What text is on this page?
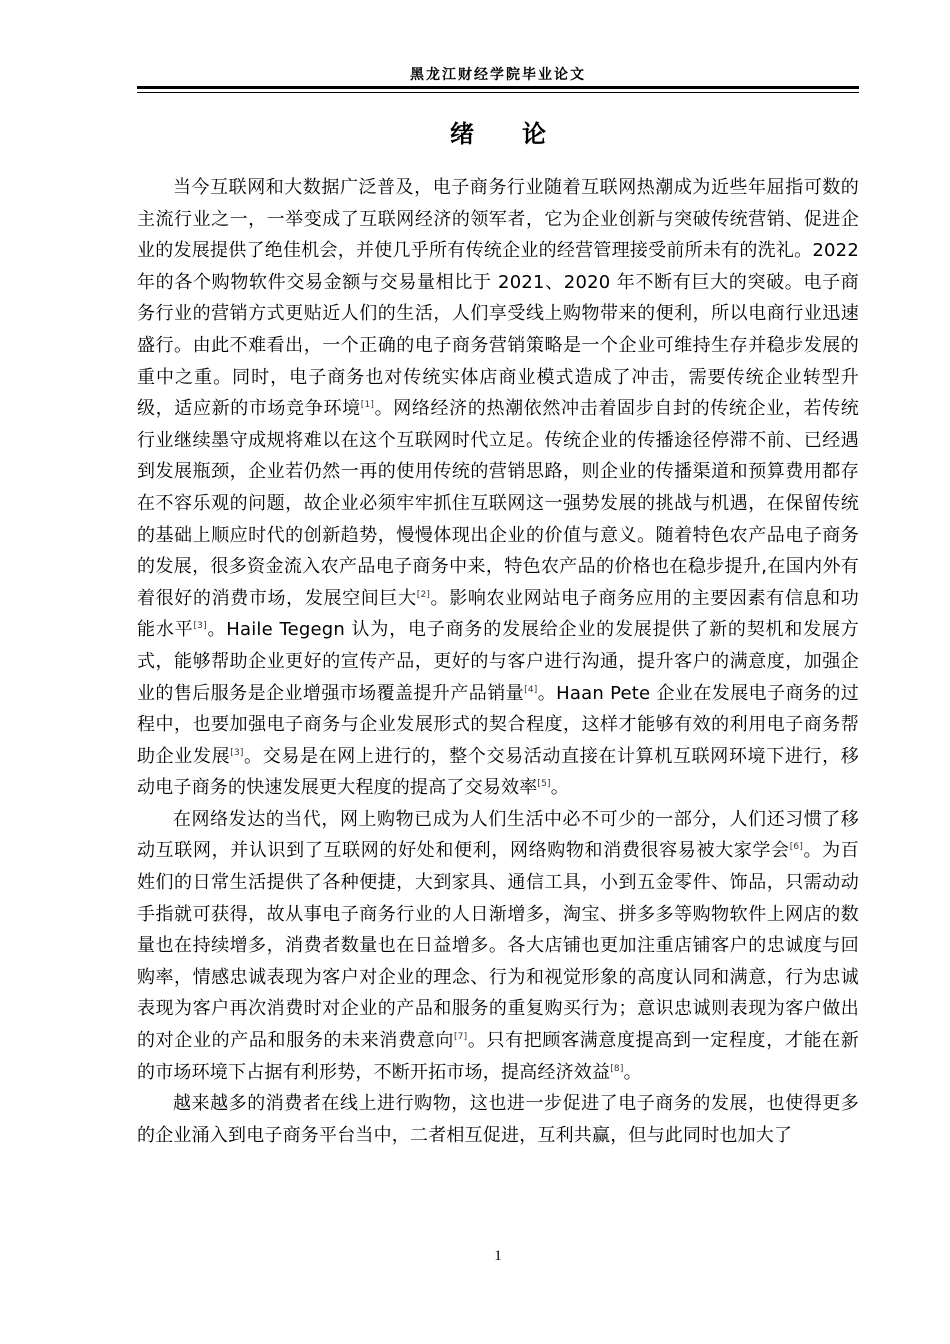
黑龙江财经学院毕业论文
绪 论

当今互联网和大数据广泛普及，电子商务行业随着互联网热潮成为近些年屈指可数的主流行业之一，一举变成了互联网经济的领军者，它为企业创新与突破传统营销、促进企业的发展提供了绝佳机会，并使几乎所有传统企业的经营管理接受前所未有的洗礼。2022 年的各个购物软件交易金额与交易量相比于 2021、2020 年不断有巨大的突破。电子商务行业的营销方式更贴近人们的生活，人们享受线上购物带来的便利，所以电商行业迅速盛行。由此不难看出，一个正确的电子商务营销策略是一个企业可维持生存并稳步发展的重中之重。同时，电子商务也对传统实体店商业模式造成了冲击，需要传统企业转型升级，适应新的市场竞争环境[1]。网络经济的热潮依然冲击着固步自封的传统企业，若传统行业继续墨守成规将难以在这个互联网时代立足。传统企业的传播途径停滞不前、已经遇到发展瓶颈，企业若仍然一再的使用传统的营销思路，则企业的传播渠道和预算费用都存在不容乐观的问题，故企业必须牢牢抓住互联网这一强势发展的挑战与机遇，在保留传统的基础上顺应时代的创新趋势，慢慢体现出企业的价值与意义。随着特色农产品电子商务的发展，很多资金流入农产品电子商务中来，特色农产品的价格也在稳步提升,在国内外有着很好的消费市场，发展空间巨大[2]。影响农业网站电子商务应用的主要因素有信息和功能水平[3]。Haile Tegegn 认为，电子商务的发展给企业的发展提供了新的契机和发展方式，能够帮助企业更好的宣传产品，更好的与客户进行沟通，提升客户的满意度，加强企业的售后服务是企业增强市场覆盖提升产品销量[4]。Haan Pete 企业在发展电子商务的过程中，也要加强电子商务与企业发展形式的契合程度，这样才能够有效的利用电子商务帮助企业发展[3]。交易是在网上进行的，整个交易活动直接在计算机互联网环境下进行，移动电子商务的快速发展更大程度的提高了交易效率[5]。

在网络发达的当代，网上购物已成为人们生活中必不可少的一部分，人们还习惯了移动互联网，并认识到了互联网的好处和便利，网络购物和消费很容易被大家学会[6]。为百姓们的日常生活提供了各种便捷，大到家具、通信工具，小到五金零件、饰品，只需动动手指就可获得，故从事电子商务行业的人日渐增多，淘宝、拼多多等购物软件上网店的数量也在持续增多，消费者数量也在日益增多。各大店铺也更加注重店铺客户的忠诚度与回购率，情感忠诚表现为客户对企业的理念、行为和视觉形象的高度认同和满意，行为忠诚表现为客户再次消费时对企业的产品和服务的重复购买行为；意识忠诚则表现为客户做出的对企业的产品和服务的未来消费意向[7]。只有把顾客满意度提高到一定程度，才能在新的市场环境下占据有利形势，不断开拓市场，提高经济效益[8]。

越来越多的消费者在线上进行购物，这也进一步促进了电子商务的发展，也使得更多的企业涌入到电子商务平台当中，二者相互促进，互利共赢，但与此同时也加大了

1
